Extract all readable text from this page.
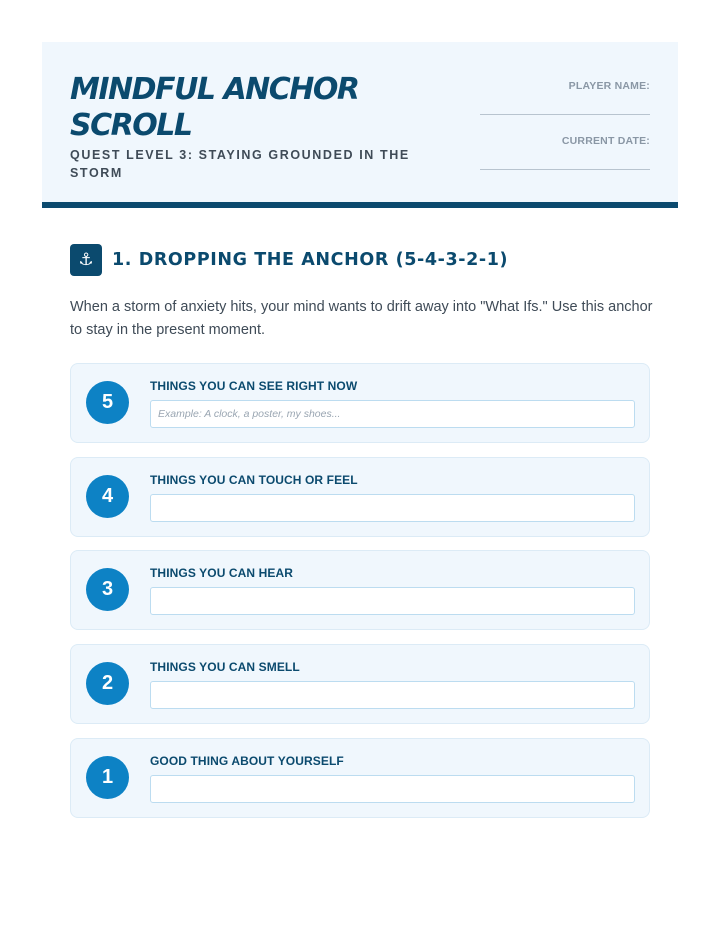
MINDFUL ANCHOR SCROLL
QUEST LEVEL 3: STAYING GROUNDED IN THE STORM
PLAYER NAME:
CURRENT DATE:
⚓	1. DROPPING THE ANCHOR (5-4-3-2-1)

When a storm of anxiety hits, your mind wants to drift away into "What Ifs." Use this anchor to stay in the present moment.

5
THINGS YOU CAN SEE RIGHT NOW
Example: A clock, a poster, my shoes...
4
THINGS YOU CAN TOUCH OR FEEL
3
THINGS YOU CAN HEAR
2
THINGS YOU CAN SMELL
1
GOOD THING ABOUT YOURSELF
